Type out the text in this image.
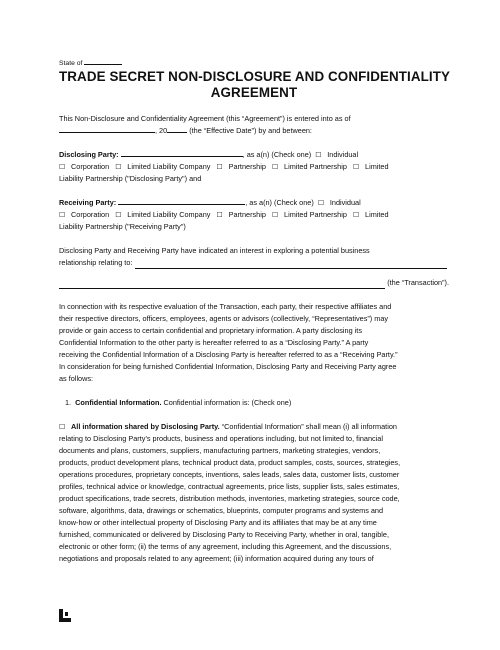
State of
TRADE SECRET NON-DISCLOSURE AND CONFIDENTIALITY
AGREEMENT

This Non-Disclosure and Confidentiality Agreement (this “Agreement”) is entered into as of

, 20	(the “Effective Date”) by and between:

Disclosing Party:	, as a(n) (Check one) ☐ Individual

☐ Corporation ☐ Limited Liability Company ☐ Partnership ☐ Limited Partnership ☐ Limited

Liability Partnership ("Disclosing Party") and

Receiving Party:	, as a(n) (Check one) ☐ Individual

☐ Corporation ☐ Limited Liability Company ☐ Partnership ☐ Limited Partnership ☐ Limited

Liability Partnership ("Receiving Party")

Disclosing Party and Receiving Party have indicated an interest in exploring a potential business

relationship relating to:
(the “Transaction”).

In connection with its respective evaluation of the Transaction, each party, their respective affiliates and

their respective directors, officers, employees, agents or advisors (collectively, “Representatives”) may

provide or gain access to certain confidential and proprietary information. A party disclosing its

Confidential Information to the other party is hereafter referred to as a “Disclosing Party.” A party

receiving the Confidential Information of a Disclosing Party is hereafter referred to as a “Receiving Party.”

In consideration for being furnished Confidential Information, Disclosing Party and Receiving Party agree

as follows:

1. Confidential Information. Confidential information is: (Check one)

☐ All information shared by Disclosing Party. “Confidential Information” shall mean (i) all information

relating to Disclosing Party’s products, business and operations including, but not limited to, financial

documents and plans, customers, suppliers, manufacturing partners, marketing strategies, vendors,

products, product development plans, technical product data, product samples, costs, sources, strategies,

operations procedures, proprietary concepts, inventions, sales leads, sales data, customer lists, customer

profiles, technical advice or knowledge, contractual agreements, price lists, supplier lists, sales estimates,

product specifications, trade secrets, distribution methods, inventories, marketing strategies, source code,

software, algorithms, data, drawings or schematics, blueprints, computer programs and systems and

know-how or other intellectual property of Disclosing Party and its affiliates that may be at any time

furnished, communicated or delivered by Disclosing Party to Receiving Party, whether in oral, tangible,

electronic or other form; (ii) the terms of any agreement, including this Agreement, and the discussions,

negotiations and proposals related to any agreement; (iii) information acquired during any tours of
